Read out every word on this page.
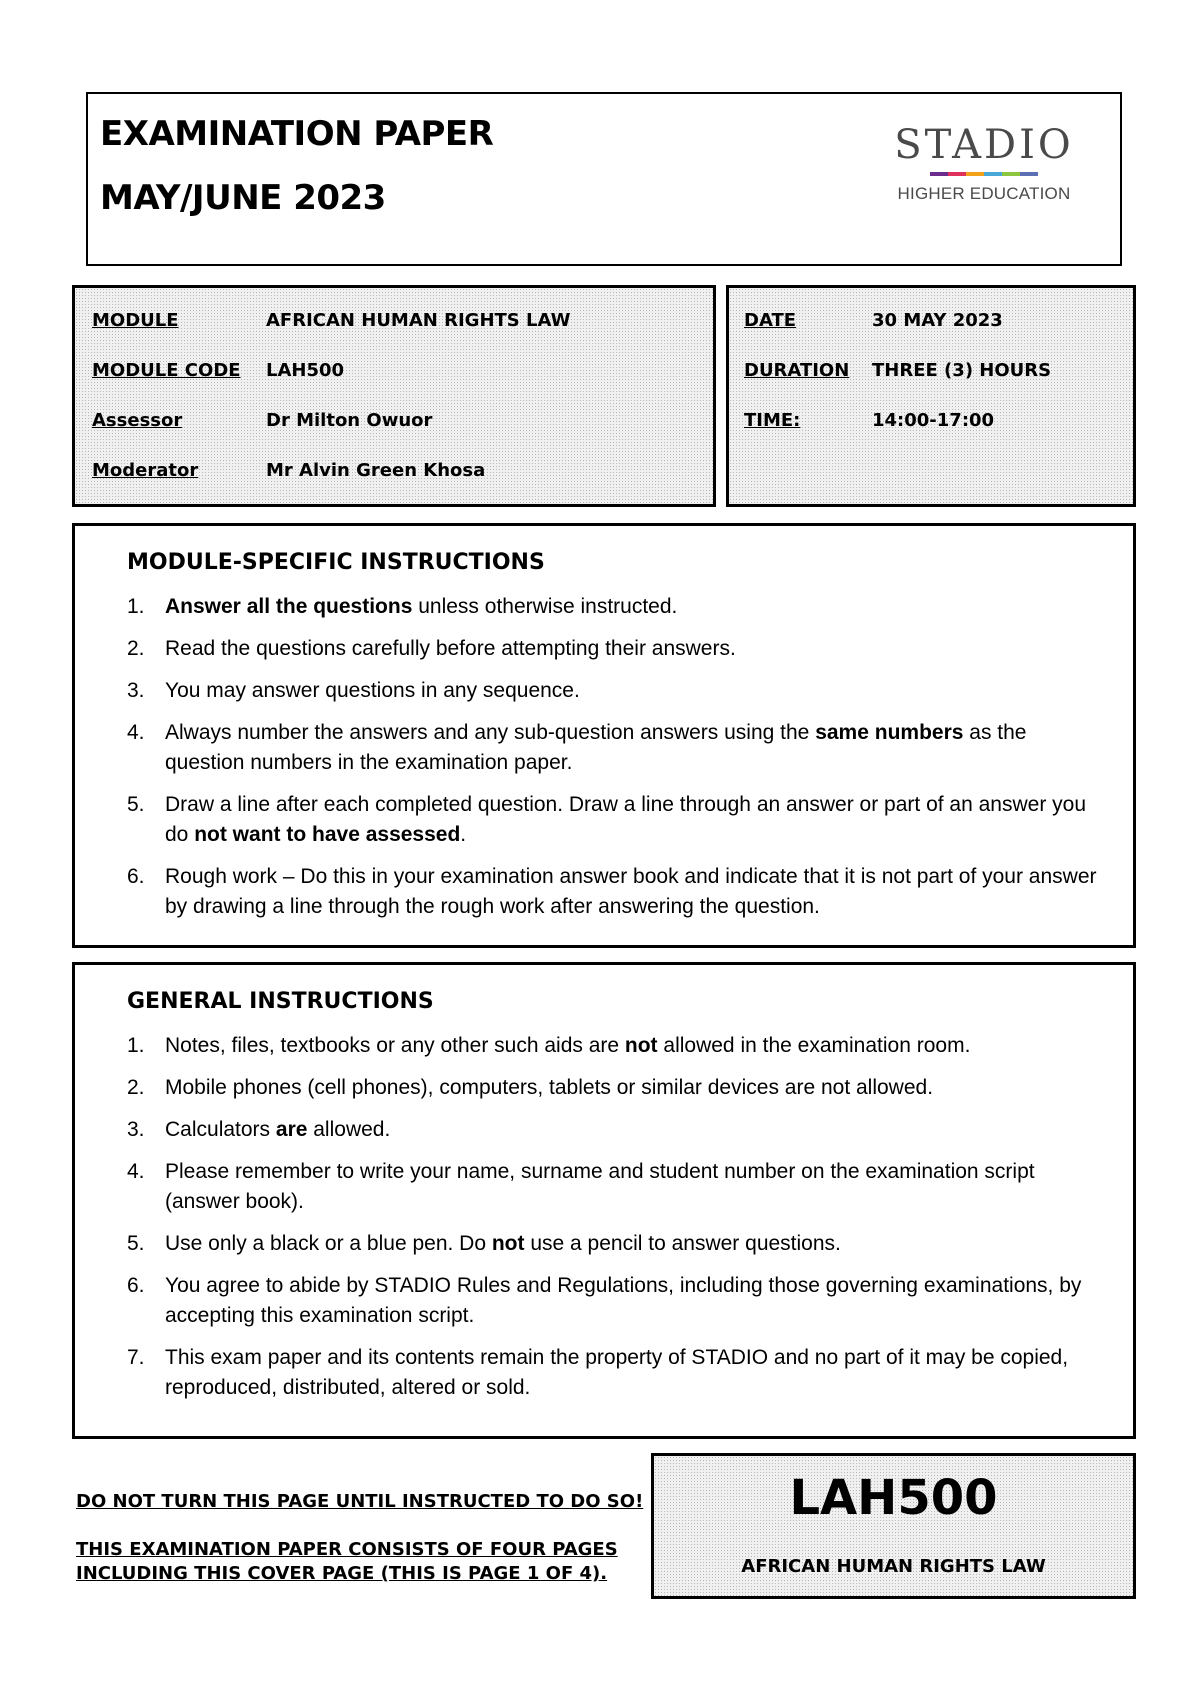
EXAMINATION PAPER
MAY/JUNE 2023
STADIO
HIGHER EDUCATION
MODULE	AFRICAN HUMAN RIGHTS LAW
MODULE CODE LAH500
Assessor	Dr Milton Owuor
Moderator	Mr Alvin Green Khosa
DATE	30 MAY 2023
DURATION THREE (3) HOURS
TIME:	14:00-17:00
MODULE-SPECIFIC INSTRUCTIONS
1. Answer all the questions unless otherwise instructed.
2. Read the questions carefully before attempting their answers.
3. You may answer questions in any sequence.
4. Always number the answers and any sub-question answers using the same numbers as the question numbers in the examination paper.
5. Draw a line after each completed question. Draw a line through an answer or part of an answer you do not want to have assessed.
6. Rough work – Do this in your examination answer book and indicate that it is not part of your answer by drawing a line through the rough work after answering the question.
GENERAL INSTRUCTIONS
1. Notes, files, textbooks or any other such aids are not allowed in the examination room.
2. Mobile phones (cell phones), computers, tablets or similar devices are not allowed.
3. Calculators are allowed.
4. Please remember to write your name, surname and student number on the examination script (answer book).
5. Use only a black or a blue pen. Do not use a pencil to answer questions.
6. You agree to abide by STADIO Rules and Regulations, including those governing examinations, by accepting this examination script.
7. This exam paper and its contents remain the property of STADIO and no part of it may be copied, reproduced, distributed, altered or sold.
DO NOT TURN THIS PAGE UNTIL INSTRUCTED TO DO SO!
THIS EXAMINATION PAPER CONSISTS OF FOUR PAGES
INCLUDING THIS COVER PAGE (THIS IS PAGE 1 OF 4).
LAH500
AFRICAN HUMAN RIGHTS LAW
